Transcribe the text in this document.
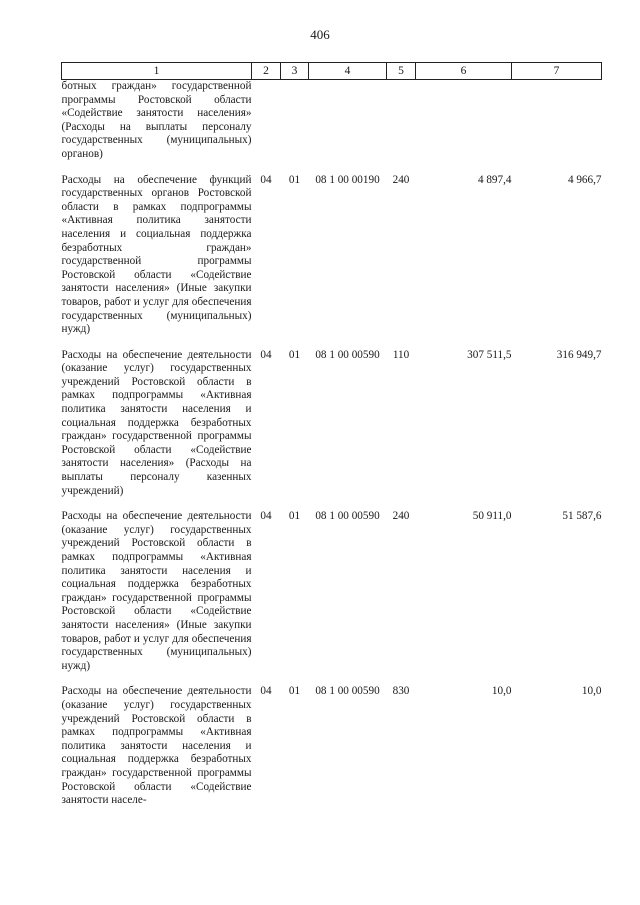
406
1	2	3	4	5	6	7
ботных граждан» государственной программы Ростовской области «Содействие занятости населения» (Расходы на выплаты персоналу государственных (муниципальных) органов)						
Расходы на обеспечение функций государственных органов Ростовской области в рамках подпрограммы «Активная политика занятости населения и социальная поддержка безработных граждан» государственной программы Ростовской области «Содействие занятости населения» (Иные закупки товаров, работ и услуг для обеспечения государственных (муниципальных) нужд)	04	01	08 1 00 00190	240	4 897,4	4 966,7
Расходы на обеспечение деятельности (оказание услуг) государственных учреждений Ростовской области в рамках подпрограммы «Активная политика занятости населения и социальная поддержка безработных граждан» государственной программы Ростовской области «Содействие занятости населения» (Расходы на выплаты персоналу казенных учреждений)	04	01	08 1 00 00590	110	307 511,5	316 949,7
Расходы на обеспечение деятельности (оказание услуг) государственных учреждений Ростовской области в рамках подпрограммы «Активная политика занятости населения и социальная поддержка безработных граждан» государственной программы Ростовской области «Содействие занятости населения» (Иные закупки товаров, работ и услуг для обеспечения государственных (муниципальных) нужд)	04	01	08 1 00 00590	240	50 911,0	51 587,6
Расходы на обеспечение деятельности (оказание услуг) государственных учреждений Ростовской области в рамках подпрограммы «Активная политика занятости населения и социальная поддержка безработных граждан» государственной программы Ростовской области «Содействие занятости населе-	04	01	08 1 00 00590	830	10,0	10,0
